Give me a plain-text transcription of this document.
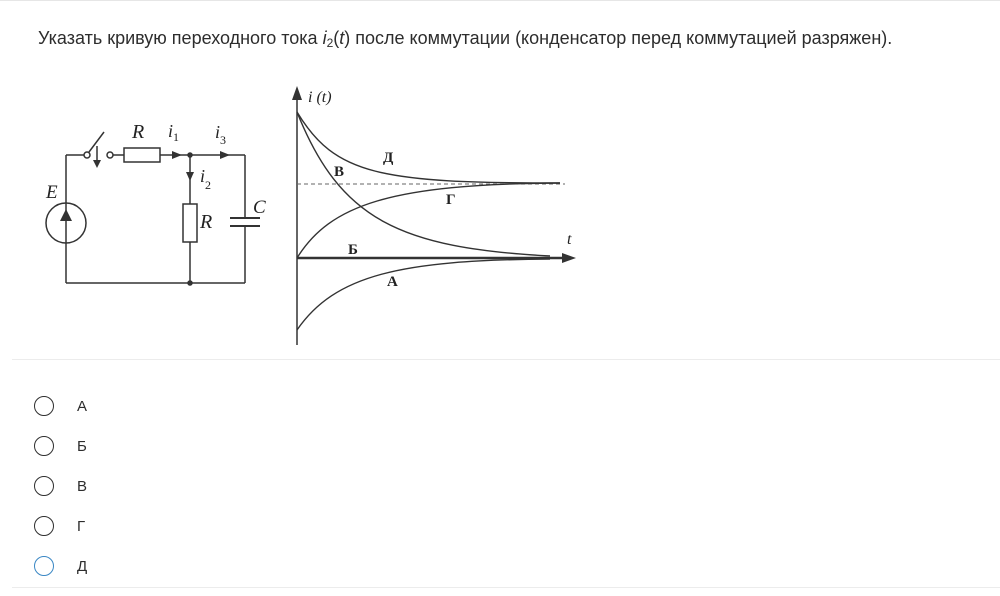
Указать кривую переходного тока $i_2(t)$ после коммутации (конденсатор перед коммутацией разряжен).
E
R $i_1$ $i_3$
$i_2$
R
C
i (t)
t
В
Д
Г
Б
А
А
Б
В
Г
Д
